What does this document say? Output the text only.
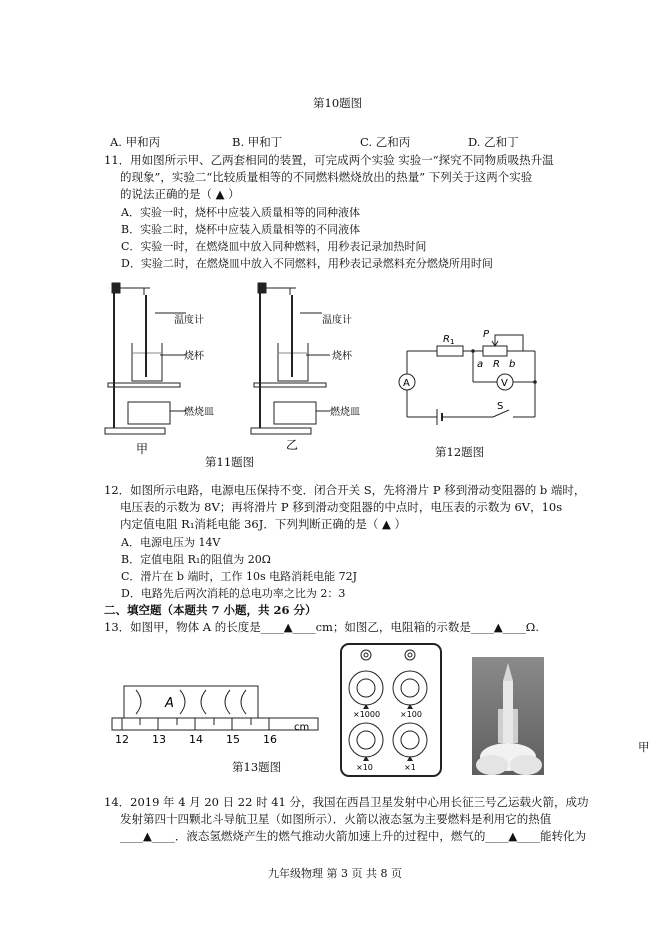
第10题图
A. 甲和丙	B. 甲和丁	C. 乙和丙	D. 乙和丁
11．用如图所示甲、乙两套相同的装置，可完成两个实验 实验一“探究不同物质吸热升温
的现象”，实验二“比较质量相等的不同燃料燃烧放出的热量” 下列关于这两个实验
的说法正确的是（ ▲ ）
A．实验一时，烧杯中应装入质量相等的同种液体
B．实验二时，烧杯中应装入质量相等的不同液体
C．实验一时，在燃烧皿中放入同种燃料，用秒表记录加热时间
D．实验二时，在燃烧皿中放入不同燃料，用秒表记录燃料充分燃烧所用时间
温度计
烧杯
燃烧皿
温度计
烧杯
燃烧皿
甲	乙
第11题图
R 1
P
a R b
A	V
S
第12题图
12．如图所示电路，电源电压保持不变．闭合开关 S，先将滑片 P 移到滑动变阻器的 b 端时，
电压表的示数为 8V；再将滑片 P 移到滑动变阻器的中点时，电压表的示数为 6V，10s
内定值电阻 R₁消耗电能 36J．下列判断正确的是（ ▲ ）
A．电源电压为 14V
B．定值电阻 R₁的阻值为 20Ω
C．滑片在 b 端时，工作 10s 电路消耗电能 72J
D．电路先后两次消耗的总电功率之比为 2：3
二、填空题（本题共 7 小题，共 26 分）
13．如图甲，物体 A 的长度是____▲____cm；如图乙，电阻箱的示数是____▲____Ω.
A
12 13 14 15 16
cm
第13题图
×1000 ×100
×10	×1
甲
14．2019 年 4 月 20 日 22 时 41 分，我国在西昌卫星发射中心用长征三号乙运载火箭，成功
发射第四十四颗北斗导航卫星（如图所示）．火箭以液态氢为主要燃料是利用它的热值
____▲____．液态氢燃烧产生的燃气推动火箭加速上升的过程中，燃气的____▲____能转化为
九年级物理 第 3 页 共 8 页
